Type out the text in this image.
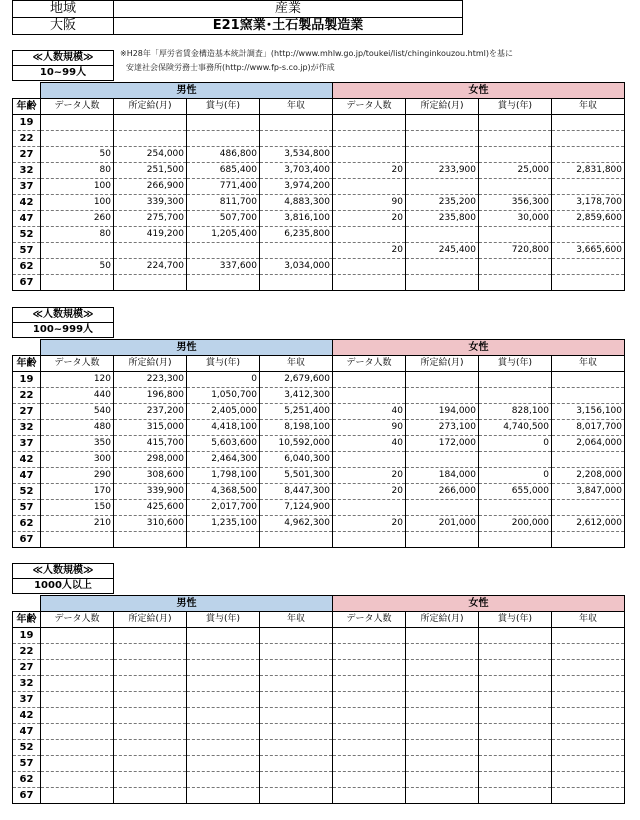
地域	産業
大阪	E21窯業･土石製品製造業
※H28年「厚労省賃金構造基本統計調査」(http://www.mhlw.go.jp/toukei/list/chinginkouzou.html)を基に
安達社会保険労務士事務所(http://www.fp-s.co.jp)が作成
≪人数規模≫
10~99人
	男性				女性			
年齢	データ人数	所定給(月)	賞与(年)	年収	データ人数	所定給(月)	賞与(年)	年収
19								
22								
27	50	254,000	486,800	3,534,800				
32	80	251,500	685,400	3,703,400	20	233,900	25,000	2,831,800
37	100	266,900	771,400	3,974,200				
42	100	339,300	811,700	4,883,300	90	235,200	356,300	3,178,700
47	260	275,700	507,700	3,816,100	20	235,800	30,000	2,859,600
52	80	419,200	1,205,400	6,235,800				
57					20	245,400	720,800	3,665,600
62	50	224,700	337,600	3,034,000				
67								
≪人数規模≫
100~999人
	男性				女性			
年齢	データ人数	所定給(月)	賞与(年)	年収	データ人数	所定給(月)	賞与(年)	年収
19	120	223,300	0	2,679,600				
22	440	196,800	1,050,700	3,412,300				
27	540	237,200	2,405,000	5,251,400	40	194,000	828,100	3,156,100
32	480	315,000	4,418,100	8,198,100	90	273,100	4,740,500	8,017,700
37	350	415,700	5,603,600	10,592,000	40	172,000	0	2,064,000
42	300	298,000	2,464,300	6,040,300				
47	290	308,600	1,798,100	5,501,300	20	184,000	0	2,208,000
52	170	339,900	4,368,500	8,447,300	20	266,000	655,000	3,847,000
57	150	425,600	2,017,700	7,124,900				
62	210	310,600	1,235,100	4,962,300	20	201,000	200,000	2,612,000
67								
≪人数規模≫
1000人以上
	男性				女性			
年齢	データ人数	所定給(月)	賞与(年)	年収	データ人数	所定給(月)	賞与(年)	年収
19								
22								
27								
32								
37								
42								
47								
52								
57								
62								
67								
